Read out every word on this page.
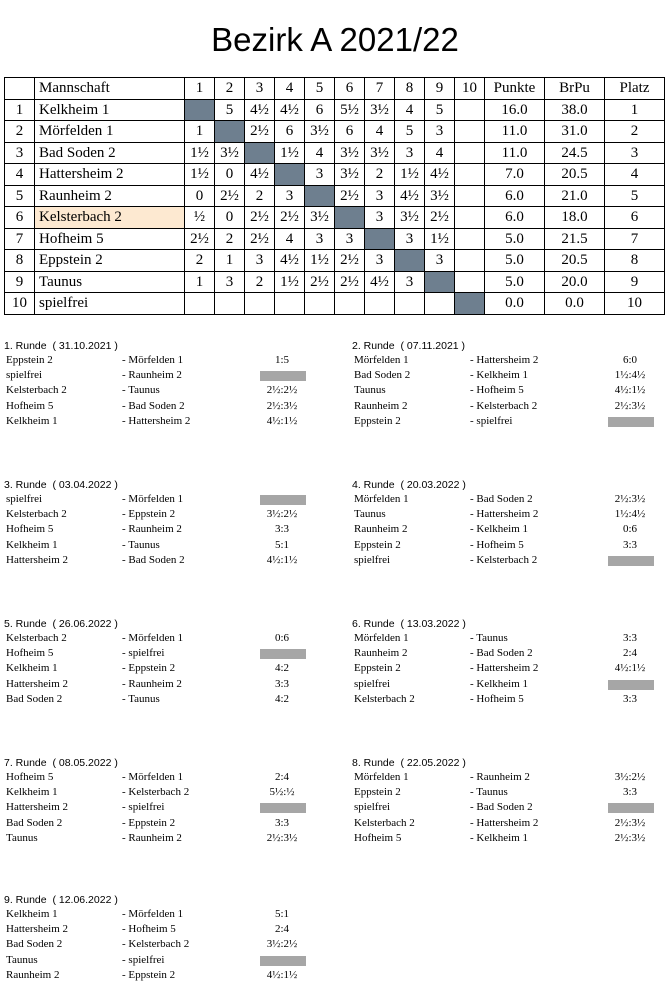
Bezirk A 2021/22
	Mannschaft	1	2	3	4	5	6	7	8	9	10	Punkte	BrPu	Platz
1	Kelkheim 1		5	4½	4½	6	5½	3½	4	5		16.0	38.0	1
2	Mörfelden 1	1		2½	6	3½	6	4	5	3		11.0	31.0	2
3	Bad Soden 2	1½	3½		1½	4	3½	3½	3	4		11.0	24.5	3
4	Hattersheim 2	1½	0	4½		3	3½	2	1½	4½		7.0	20.5	4
5	Raunheim 2	0	2½	2	3		2½	3	4½	3½		6.0	21.0	5
6	Kelsterbach 2	½	0	2½	2½	3½		3	3½	2½		6.0	18.0	6
7	Hofheim 5	2½	2	2½	4	3	3		3	1½		5.0	21.5	7
8	Eppstein 2	2	1	3	4½	1½	2½	3		3		5.0	20.5	8
9	Taunus	1	3	2	1½	2½	2½	4½	3			5.0	20.0	9
10	spielfrei											0.0	0.0	10
1. Runde  ( 31.10.2021 )
Eppstein 2	- Mörfelden 1	1:5
spielfrei	- Raunheim 2
Kelsterbach 2	- Taunus	2½:2½
Hofheim 5	- Bad Soden 2	2½:3½
Kelkheim 1	- Hattersheim 2	4½:1½
2. Runde  ( 07.11.2021 )
Mörfelden 1	- Hattersheim 2	6:0
Bad Soden 2	- Kelkheim 1	1½:4½
Taunus	- Hofheim 5	4½:1½
Raunheim 2	- Kelsterbach 2	2½:3½
Eppstein 2	- spielfrei
3. Runde  ( 03.04.2022 )
spielfrei	- Mörfelden 1
Kelsterbach 2	- Eppstein 2	3½:2½
Hofheim 5	- Raunheim 2	3:3
Kelkheim 1	- Taunus	5:1
Hattersheim 2	- Bad Soden 2	4½:1½
4. Runde  ( 20.03.2022 )
Mörfelden 1	- Bad Soden 2	2½:3½
Taunus	- Hattersheim 2	1½:4½
Raunheim 2	- Kelkheim 1	0:6
Eppstein 2	- Hofheim 5	3:3
spielfrei	- Kelsterbach 2
5. Runde  ( 26.06.2022 )
Kelsterbach 2	- Mörfelden 1	0:6
Hofheim 5	- spielfrei
Kelkheim 1	- Eppstein 2	4:2
Hattersheim 2	- Raunheim 2	3:3
Bad Soden 2	- Taunus	4:2
6. Runde  ( 13.03.2022 )
Mörfelden 1	- Taunus	3:3
Raunheim 2	- Bad Soden 2	2:4
Eppstein 2	- Hattersheim 2	4½:1½
spielfrei	- Kelkheim 1
Kelsterbach 2	- Hofheim 5	3:3
7. Runde  ( 08.05.2022 )
Hofheim 5	- Mörfelden 1	2:4
Kelkheim 1	- Kelsterbach 2	5½:½
Hattersheim 2	- spielfrei
Bad Soden 2	- Eppstein 2	3:3
Taunus	- Raunheim 2	2½:3½
8. Runde  ( 22.05.2022 )
Mörfelden 1	- Raunheim 2	3½:2½
Eppstein 2	- Taunus	3:3
spielfrei	- Bad Soden 2
Kelsterbach 2	- Hattersheim 2	2½:3½
Hofheim 5	- Kelkheim 1	2½:3½
9. Runde  ( 12.06.2022 )
Kelkheim 1	- Mörfelden 1	5:1
Hattersheim 2	- Hofheim 5	2:4
Bad Soden 2	- Kelsterbach 2	3½:2½
Taunus	- spielfrei
Raunheim 2	- Eppstein 2	4½:1½
